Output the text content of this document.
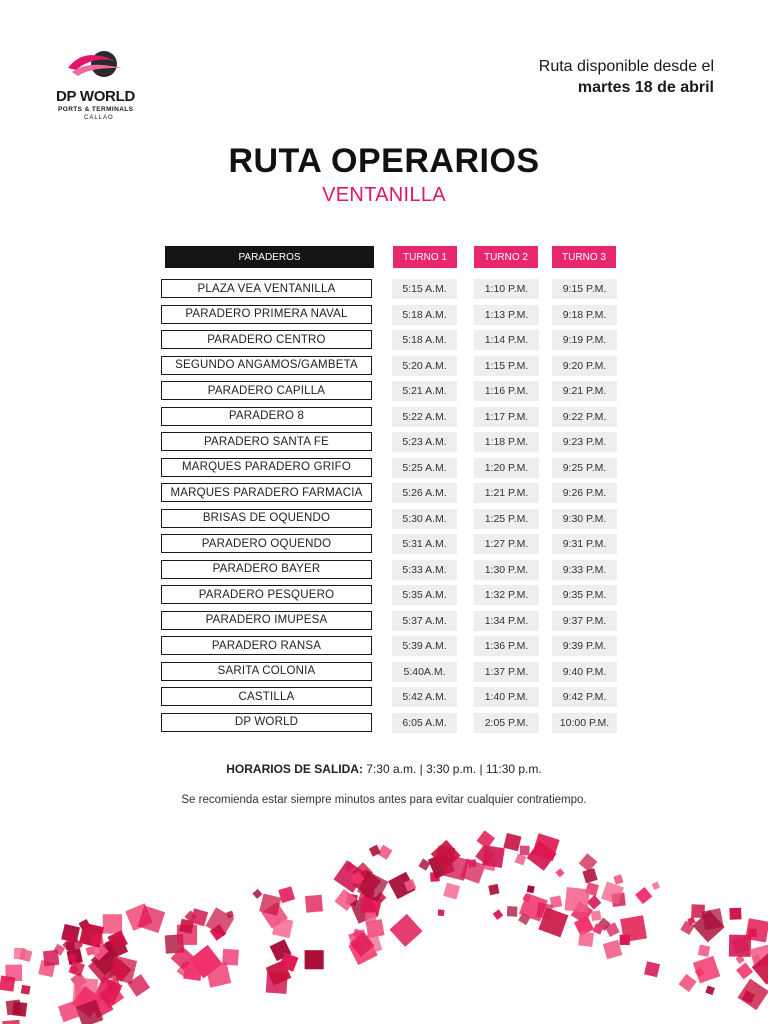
DP WORLD
PORTS & TERMINALS
CALLAO
Ruta disponible desde el
martes 18 de abril
RUTA OPERARIOS
VENTANILLA
PARADEROS	TURNO 1	TURNO 2	TURNO 3
PLAZA VEA VENTANILLA	5:15 A.M.	1:10 P.M.	9:15 P.M.
PARADERO PRIMERA NAVAL	5:18 A.M.	1:13 P.M.	9:18 P.M.
PARADERO CENTRO	5:18 A.M.	1:14 P.M.	9:19 P.M.
SEGUNDO ANGAMOS/GAMBETA	5:20 A.M.	1:15 P.M.	9:20 P.M.
PARADERO CAPILLA	5:21 A.M.	1:16 P.M.	9:21 P.M.
PARADERO 8	5:22 A.M.	1:17 P.M.	9:22 P.M.
PARADERO SANTA FE	5:23 A.M.	1:18 P.M.	9:23 P.M.
MARQUES PARADERO GRIFO	5:25 A.M.	1:20 P.M.	9:25 P.M.
MARQUES PARADERO FARMACIA	5:26 A.M.	1:21 P.M.	9:26 P.M.
BRISAS DE OQUENDO	5:30 A.M.	1:25 P.M.	9:30 P.M.
PARADERO OQUENDO	5:31 A.M.	1:27 P.M.	9:31 P.M.
PARADERO BAYER	5:33 A.M.	1:30 P.M.	9:33 P.M.
PARADERO PESQUERO	5:35 A.M.	1:32 P.M.	9:35 P.M.
PARADERO IMUPESA	5:37 A.M.	1:34 P.M.	9:37 P.M.
PARADERO RANSA	5:39 A.M.	1:36 P.M.	9:39 P.M.
SARITA COLONIA	5:40A.M.	1:37 P.M.	9:40 P.M.
CASTILLA	5:42 A.M.	1:40 P.M.	9:42 P.M.
DP WORLD	6:05 A.M.	2:05 P.M.	10:00 P.M.
HORARIOS DE SALIDA: 7:30 a.m. | 3:30 p.m. | 11:30 p.m.
Se recomienda estar siempre minutos antes para evitar cualquier contratiempo.
